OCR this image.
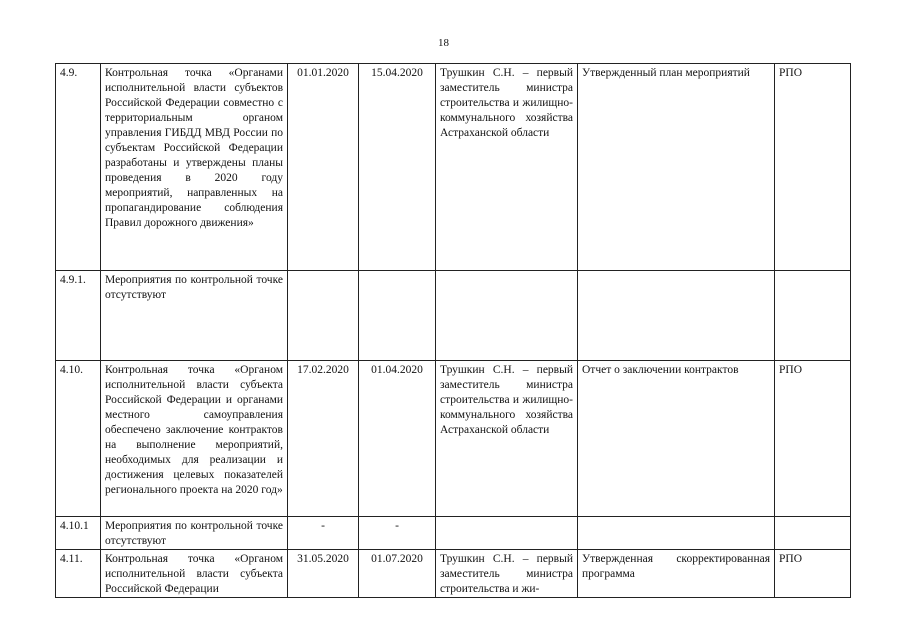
18
4.9.	Контрольная точка «Органами исполнительной власти субъектов Российской Федерации совместно с территориальным органом управления ГИБДД МВД России по субъектам Российской Федерации разработаны и утверждены планы проведения в 2020 году мероприятий, направленных на пропагандирование соблюдения Правил дорожного движения»	01.01.2020	15.04.2020	Трушкин С.Н. – первый заместитель министра строительства и жилищно-коммунального хозяйства Астраханской области	Утвержденный план мероприятий	РПО
4.9.1.	Мероприятия по контрольной точке отсутствуют					
4.10.	Контрольная точка «Органом исполнительной власти субъекта Российской Федерации и органами местного самоуправления обеспечено заключение контрактов на выполнение мероприятий, необходимых для реализации и достижения целевых показателей регионального проекта на 2020 год»	17.02.2020	01.04.2020	Трушкин С.Н. – первый заместитель министра строительства и жилищно-коммунального хозяйства Астраханской области	Отчет о заключении контрактов	РПО
4.10.1	Мероприятия по контрольной точке отсутствуют	-	-			
4.11.	Контрольная точка «Органом исполнительной власти субъекта Российской Федерации	31.05.2020	01.07.2020	Трушкин С.Н. – первый заместитель министра строительства и жи-	Утвержденная скорректированная программа	РПО
